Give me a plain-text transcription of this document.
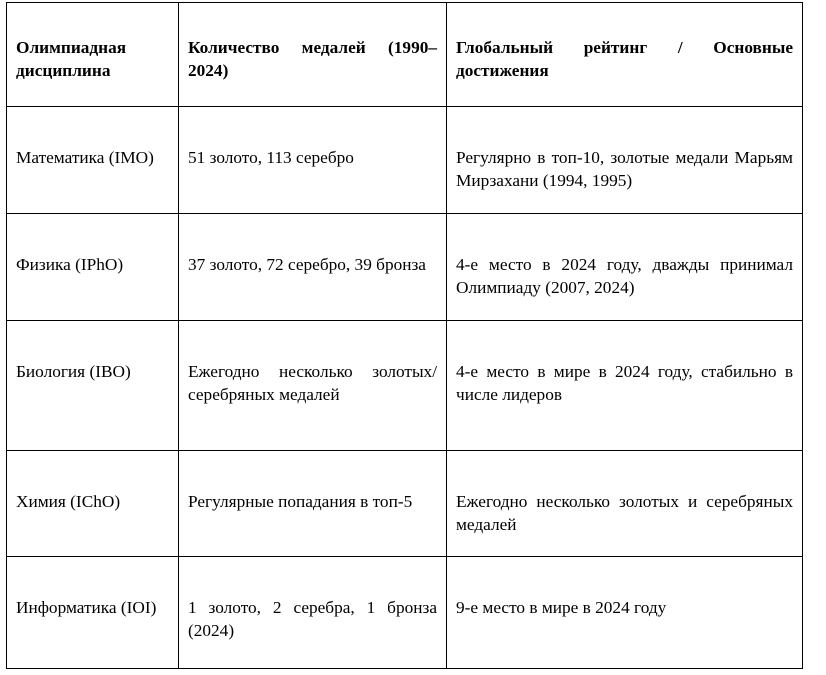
Олимпиадная дисциплина	Количество медалей (1990–2024)	Глобальный рейтинг / Основные достижения
Математика (IMO)	51 золото, 113 серебро	Регулярно в топ-10, золотые медали Марьям Мирзахани (1994, 1995)
Физика (IPhO)	37 золото, 72 серебро, 39 бронза	4-е место в 2024 году, дважды принимал Олимпиаду (2007, 2024)
Биология (IBO)	Ежегодно несколько золотых/серебряных медалей	4-е место в мире в 2024 году, стабильно в числе лидеров
Химия (IChO)	Регулярные попадания в топ-5	Ежегодно несколько золотых и серебряных медалей
Информатика (IOI)	1 золото, 2 серебра, 1 бронза (2024)	9-е место в мире в 2024 году
